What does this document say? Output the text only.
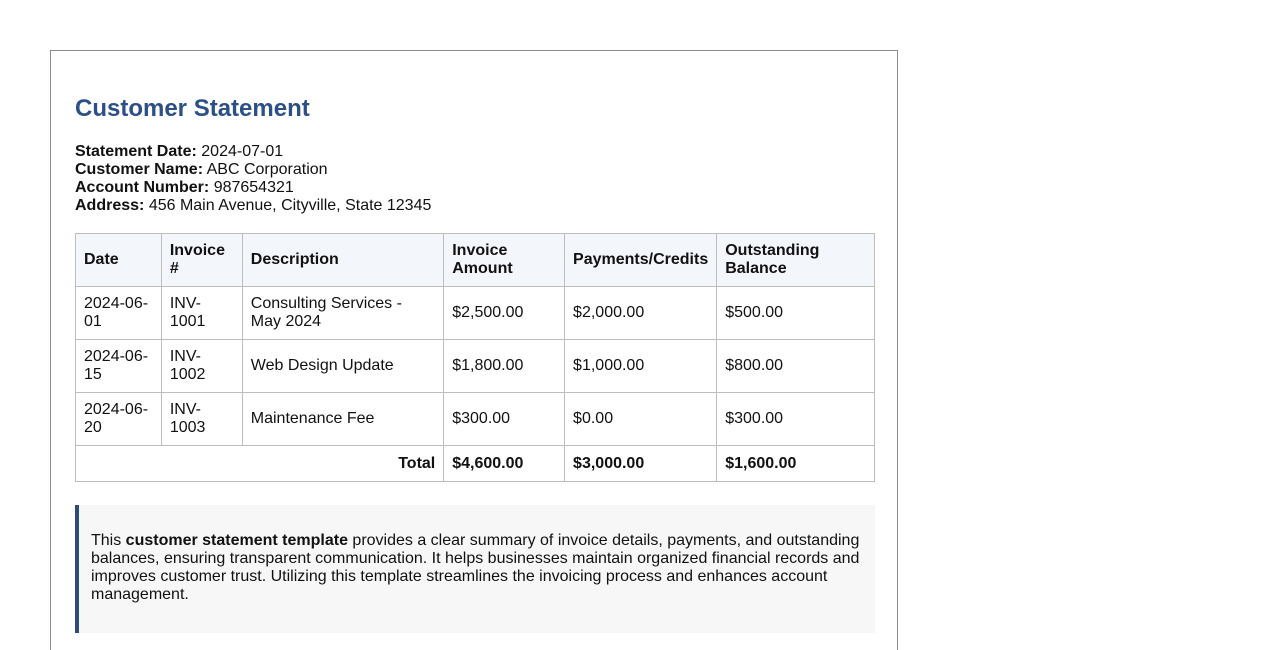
Customer Statement
Statement Date: 2024-07-01
Customer Name: ABC Corporation
Account Number: 987654321
Address: 456 Main Avenue, Cityville, State 12345
Date	Invoice #	Description	Invoice Amount	Payments/Credits	Outstanding Balance
2024-06-01	INV-1001	Consulting Services - May 2024	$2,500.00	$2,000.00	$500.00
2024-06-15	INV-1002	Web Design Update	$1,800.00	$1,000.00	$800.00
2024-06-20	INV-1003	Maintenance Fee	$300.00	$0.00	$300.00
Total			$4,600.00	$3,000.00	$1,600.00
This customer statement template provides a clear summary of invoice details, payments, and outstanding balances, ensuring transparent communication. It helps businesses maintain organized financial records and improves customer trust. Utilizing this template streamlines the invoicing process and enhances account management.
